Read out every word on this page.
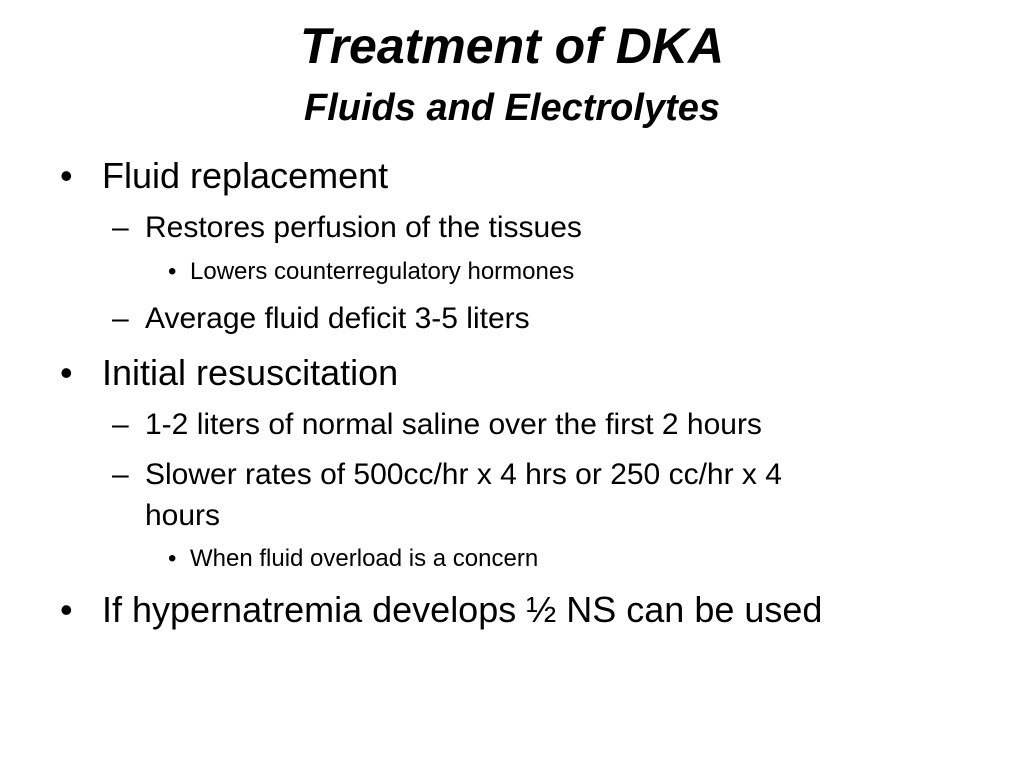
Treatment of DKA
Fluids and Electrolytes
• Fluid replacement
– Restores perfusion of the tissues
• Lowers counterregulatory hormones
– Average fluid deficit 3-5 liters
• Initial resuscitation
– 1-2 liters of normal saline over the first 2 hours
– Slower rates of 500cc/hr x 4 hrs or 250 cc/hr x 4
hours
• When fluid overload is a concern
• If hypernatremia develops ½ NS can be used
